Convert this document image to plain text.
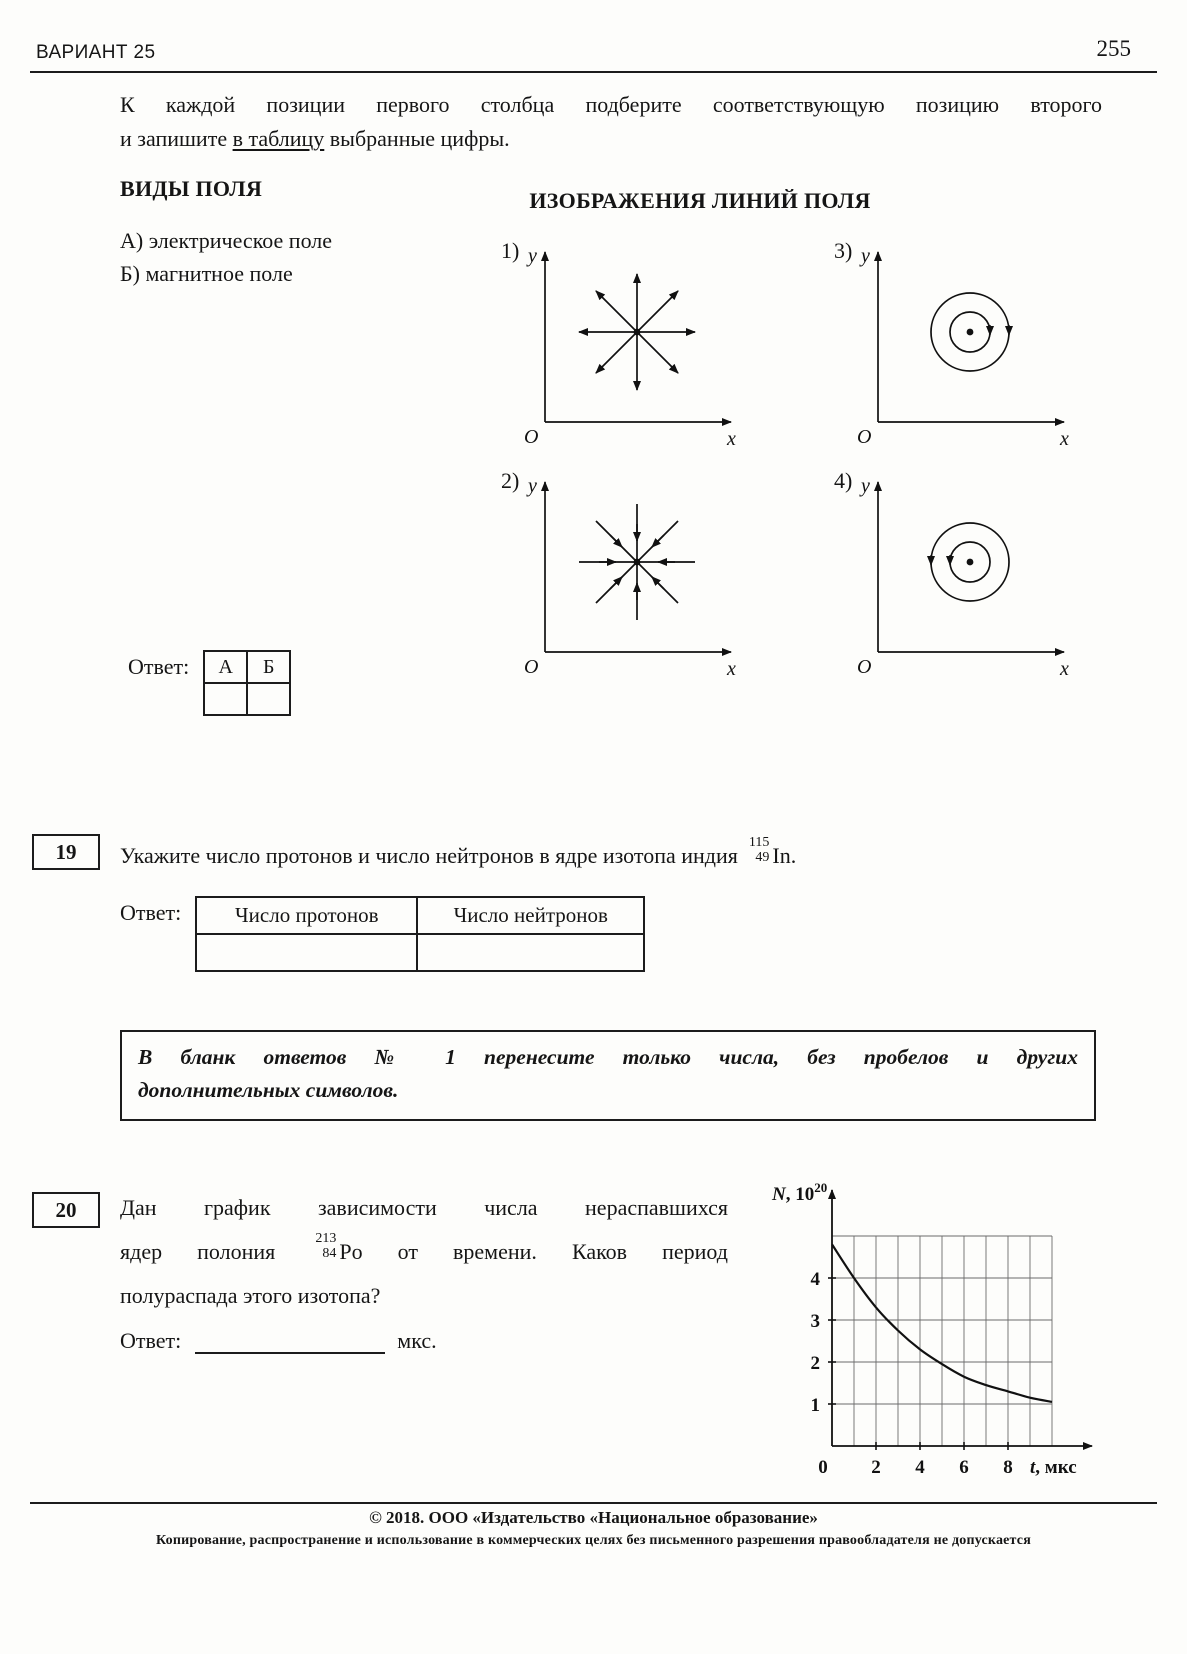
ВАРИАНТ 25	255
К каждой позиции первого столбца подберите соответствующую позицию второго
и запишите в таблицу выбранные цифры.
ВИДЫ ПОЛЯ	ИЗОБРАЖЕНИЯ ЛИНИЙ ПОЛЯ
А) электрическое поле
Б) магнитное поле
1) y
O	x
3) y
O	x
2) y
O	x
4) y
O	x
Ответ: А	Б

19	Укажите число протонов и число нейтронов в ядре изотопа индия
115
49 In.
Ответ:	Число протонов	Число нейтронов

В бланк ответов № 1 перенесите только числа, без пробелов и других
дополнительных символов.
20	Дан график зависимости числа нераспавшихся
ядер полония
213
84 Po от времени. Каков период
полураспада этого изотопа?
Ответ:	мкс.
1
2
3
4
0 2 4 6 8 t, мкс
N, $10^{20}$
© 2018. ООО «Издательство «Национальное образование»
Копирование, распространение и использование в коммерческих целях без письменного разрешения правообладателя не допускается
